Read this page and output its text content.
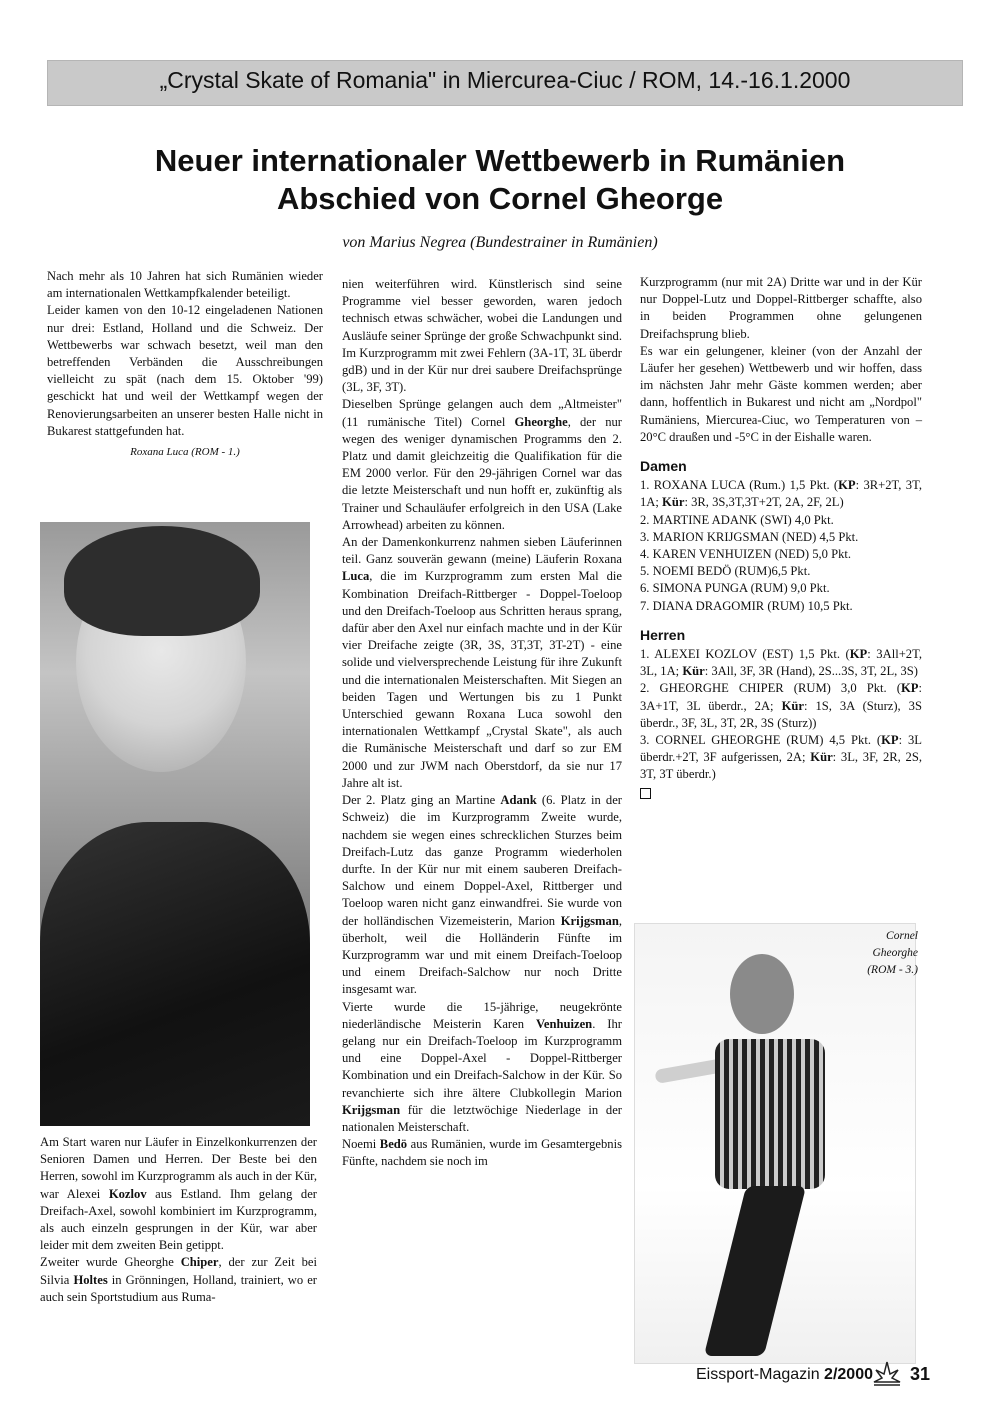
„Crystal Skate of Romania" in Miercurea-Ciuc / ROM, 14.-16.1.2000
Neuer internationaler Wettbewerb in Rumänien
Abschied von Cornel Gheorge
von Marius Negrea (Bundestrainer in Rumänien)

Nach mehr als 10 Jahren hat sich Rumänien wieder am internationalen Wettkampfkalender beteiligt.

Leider kamen von den 10-12 eingeladenen Nationen nur drei: Estland, Holland und die Schweiz. Der Wettbewerbs war schwach besetzt, weil man den betreffenden Verbänden die Ausschreibungen vielleicht zu spät (nach dem 15. Oktober '99) geschickt hat und weil der Wettkampf wegen der Renovierungsarbeiten an unserer besten Halle nicht in Bukarest stattgefunden hat.

Roxana Luca (ROM - 1.)

Am Start waren nur Läufer in Einzelkonkurrenzen der Senioren Damen und Herren. Der Beste bei den Herren, sowohl im Kurzprogramm als auch in der Kür, war Alexei Kozlov aus Estland. Ihm gelang der Dreifach-Axel, sowohl kombiniert im Kurzprogramm, als auch einzeln gesprungen in der Kür, war aber leider mit dem zweiten Bein getippt.

Zweiter wurde Gheorghe Chiper, der zur Zeit bei Silvia Holtes in Grönningen, Holland, trainiert, wo er auch sein Sportstudium aus Ruma-

nien weiterführen wird. Künstlerisch sind seine Programme viel besser geworden, waren jedoch technisch etwas schwächer, wobei die Landungen und Ausläufe seiner Sprünge der große Schwachpunkt sind. Im Kurzprogramm mit zwei Fehlern (3A-1T, 3L überdr gdB) und in der Kür nur drei saubere Dreifachsprünge (3L, 3F, 3T).

Dieselben Sprünge gelangen auch dem „Altmeister" (11 rumänische Titel) Cornel Gheorghe, der nur wegen des weniger dynamischen Programms den 2. Platz und damit gleichzeitig die Qualifikation für die EM 2000 verlor. Für den 29-jährigen Cornel war das die letzte Meisterschaft und nun hofft er, zukünftig als Trainer und Schauläufer erfolgreich in den USA (Lake Arrowhead) arbeiten zu können.

An der Damenkonkurrenz nahmen sieben Läuferinnen teil. Ganz souverän gewann (meine) Läuferin Roxana Luca, die im Kurzprogramm zum ersten Mal die Kombination Dreifach-Rittberger - Doppel-Toeloop und den Dreifach-Toeloop aus Schritten heraus sprang, dafür aber den Axel nur einfach machte und in der Kür vier Dreifache zeigte (3R, 3S, 3T,3T, 3T-2T) - eine solide und vielversprechende Leistung für ihre Zukunft und die internationalen Meisterschaften. Mit Siegen an beiden Tagen und Wertungen bis zu 1 Punkt Unterschied gewann Roxana Luca sowohl den internationalen Wettkampf „Crystal Skate", als auch die Rumänische Meisterschaft und darf so zur EM 2000 und zur JWM nach Oberstdorf, da sie nur 17 Jahre alt ist.

Der 2. Platz ging an Martine Adank (6. Platz in der Schweiz) die im Kurzprogramm Zweite wurde, nachdem sie wegen eines schrecklichen Sturzes beim Dreifach-Lutz das ganze Programm wiederholen durfte. In der Kür nur mit einem sauberen Dreifach-Salchow und einem Doppel-Axel, Rittberger und Toeloop waren nicht ganz einwandfrei. Sie wurde von der holländischen Vizemeisterin, Marion Krijgsman, überholt, weil die Holländerin Fünfte im Kurzprogramm war und mit einem Dreifach-Toeloop und einem Dreifach-Salchow nur noch Dritte insgesamt war.

Vierte wurde die 15-jährige, neugekrönte niederländische Meisterin Karen Venhuizen. Ihr gelang nur ein Dreifach-Toeloop im Kurzprogramm und eine Doppel-Axel - Doppel-Rittberger Kombination und ein Dreifach-Salchow in der Kür. So revanchierte sich ihre ältere Clubkollegin Marion Krijgsman für die letztwöchige Niederlage in der nationalen Meisterschaft.

Noemi Bedö aus Rumänien, wurde im Gesamtergebnis Fünfte, nachdem sie noch im

Kurzprogramm (nur mit 2A) Dritte war und in der Kür nur Doppel-Lutz und Doppel-Rittberger schaffte, also in beiden Programmen ohne gelungenen Dreifachsprung blieb.

Es war ein gelungener, kleiner (von der Anzahl der Läufer her gesehen) Wettbewerb und wir hoffen, dass im nächsten Jahr mehr Gäste kommen werden; aber dann, hoffentlich in Bukarest und nicht am „Nordpol" Rumäniens, Miercurea-Ciuc, wo Temperaturen von –20°C draußen und -5°C in der Eishalle waren.

Damen

1. ROXANA LUCA (Rum.) 1,5 Pkt. (KP: 3R+2T, 3T, 1A; Kür: 3R, 3S,3T,3T+2T, 2A, 2F, 2L)

2. MARTINE ADANK (SWI) 4,0 Pkt.

3. MARION KRIJGSMAN (NED) 4,5 Pkt.

4. KAREN VENHUIZEN (NED) 5,0 Pkt.

5. NOEMI BEDÖ (RUM)6,5 Pkt.

6. SIMONA PUNGA (RUM) 9,0 Pkt.

7. DIANA DRAGOMIR (RUM) 10,5 Pkt.

Herren

1. ALEXEI KOZLOV (EST) 1,5 Pkt. (KP: 3All+2T, 3L, 1A; Kür: 3All, 3F, 3R (Hand), 2S...3S, 3T, 2L, 3S)

2. GHEORGHE CHIPER (RUM) 3,0 Pkt. (KP: 3A+1T, 3L überdr., 2A; Kür: 1S, 3A (Sturz), 3S überdr., 3F, 3L, 3T, 2R, 3S (Sturz))

3. CORNEL GHEORGHE (RUM) 4,5 Pkt. (KP: 3L überdr.+2T, 3F aufgerissen, 2A; Kür: 3L, 3F, 2R, 2S, 3T, 3T überdr.)

Cornel
Gheorghe
(ROM - 3.)
Eissport-Magazin 2/2000 31
